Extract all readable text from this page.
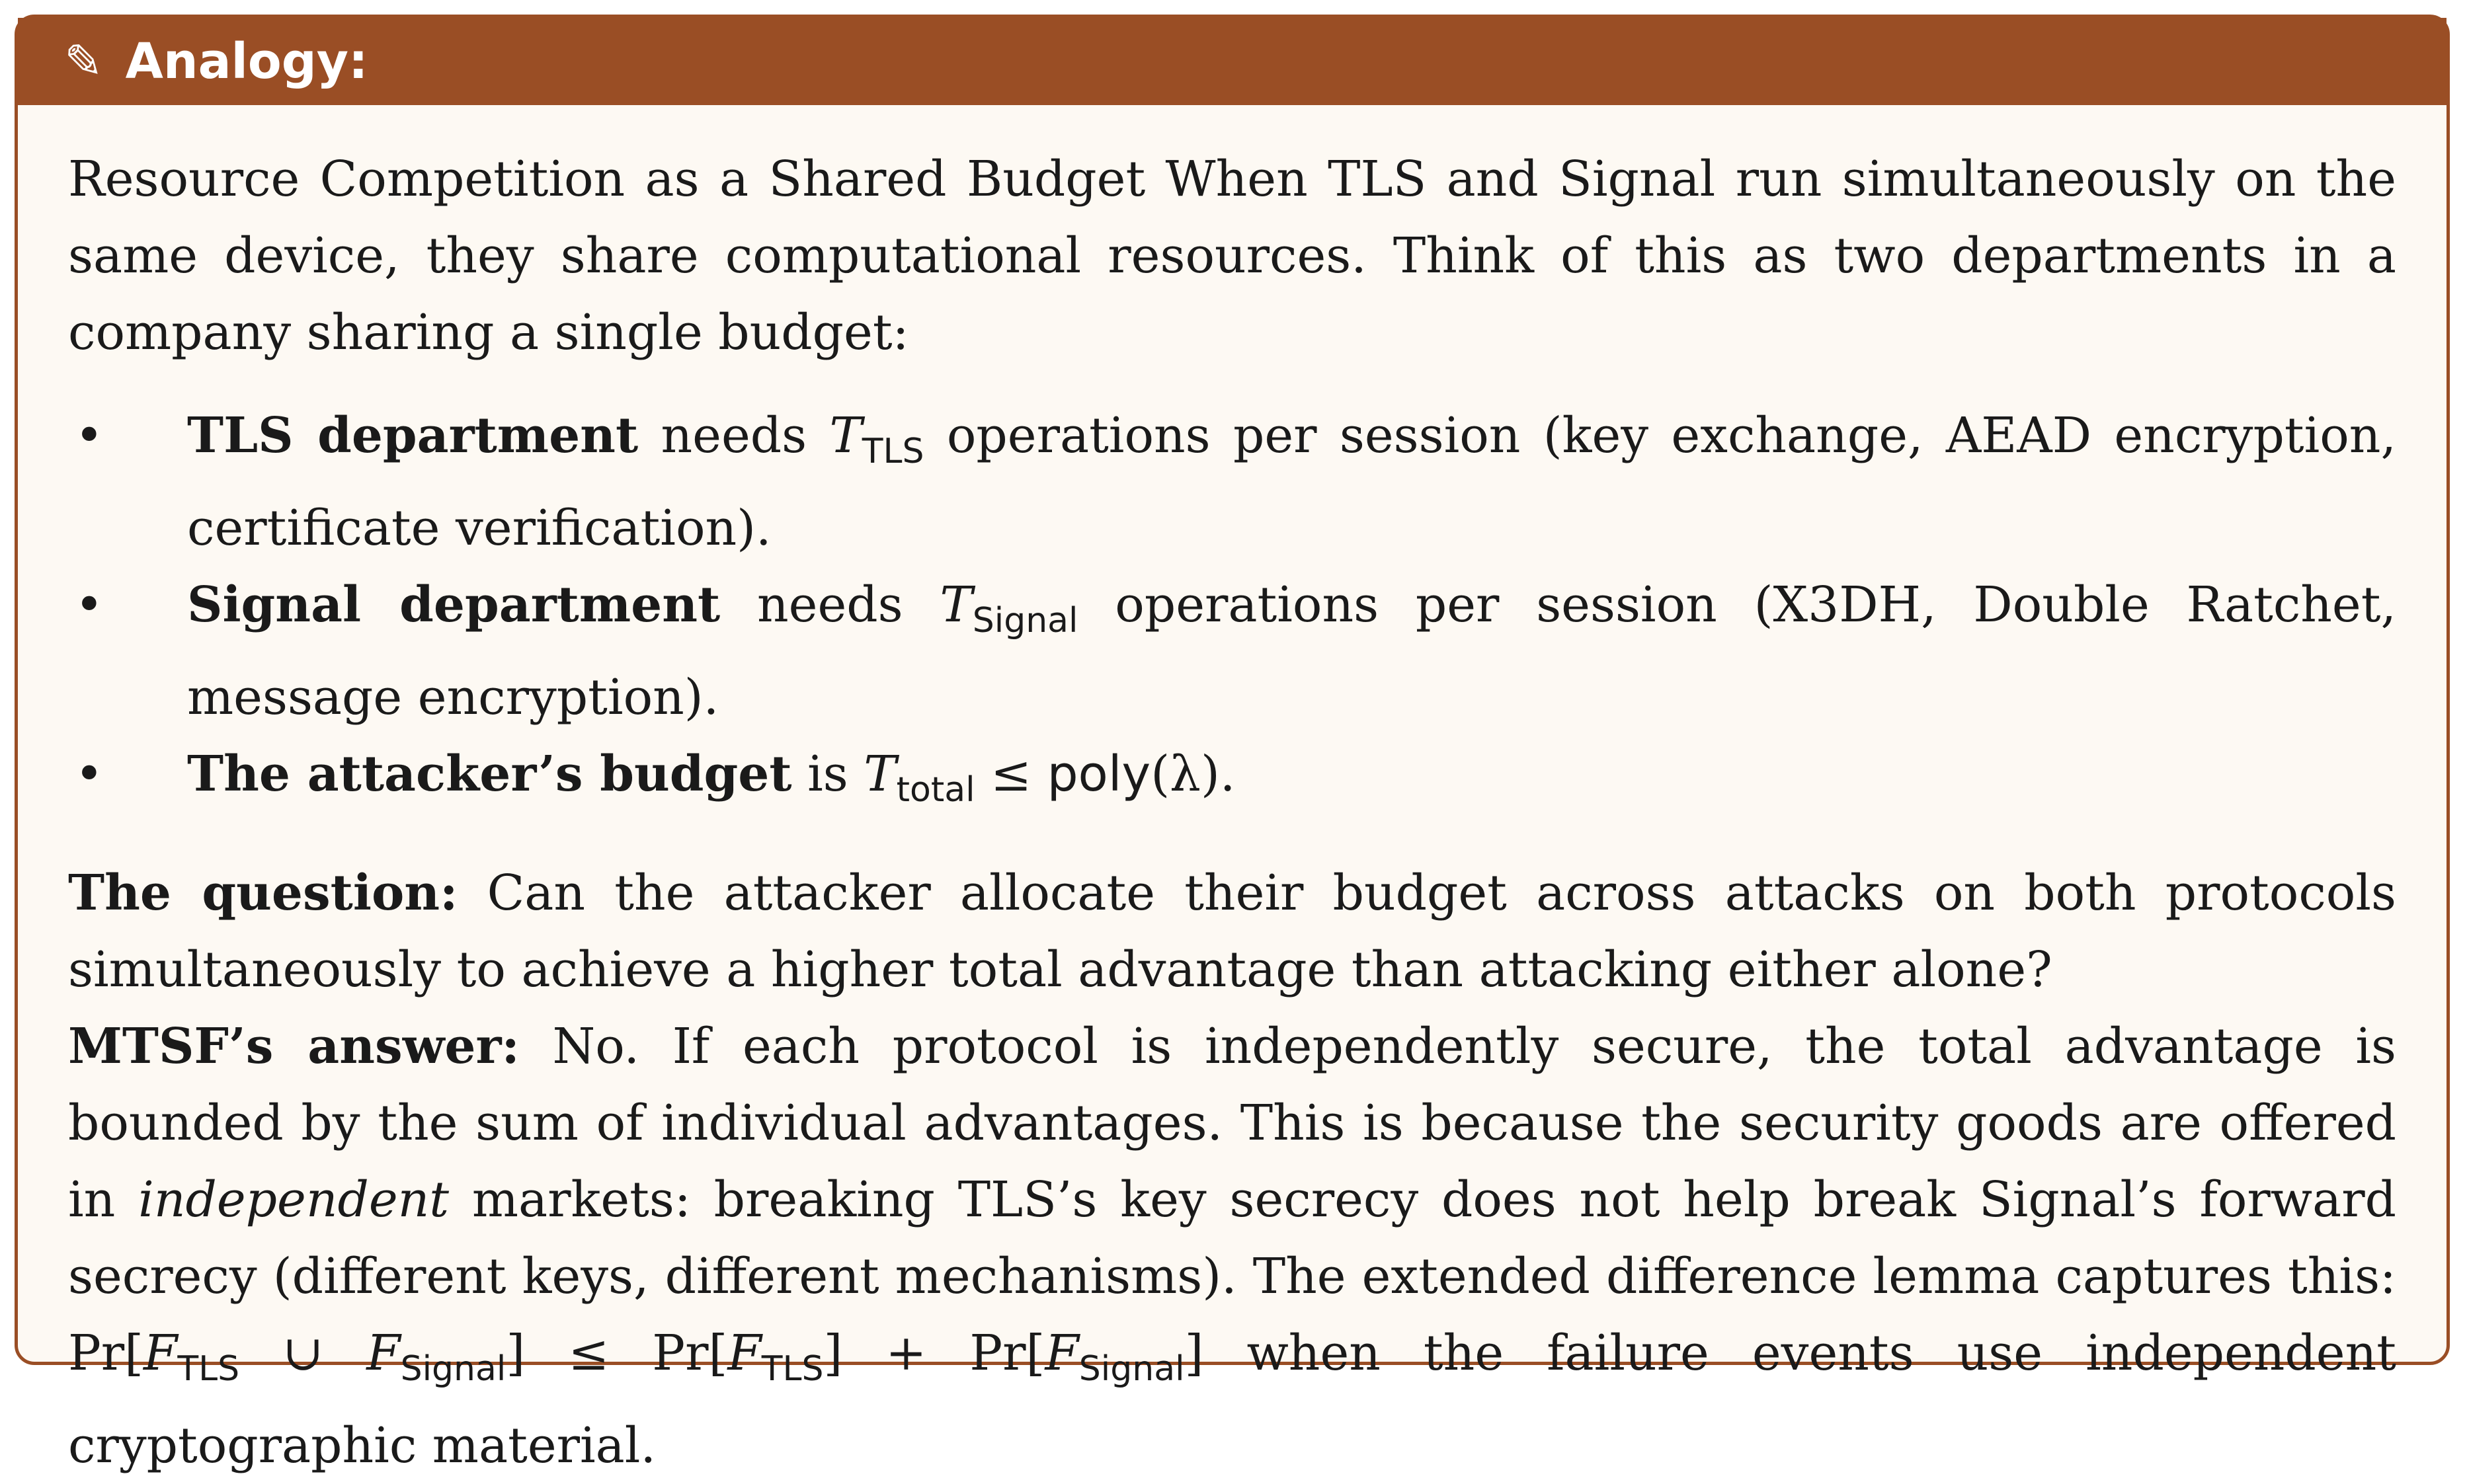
✎ Analogy:

Resource Competition as a Shared Budget When TLS and Signal run simultaneously on the same device, they share computational resources. Think of this as two departments in a company sharing a single budget:

• TLS department needs $T_{TLS}$ operations per session (key exchange, AEAD encryption, certificate verification).
• Signal department needs $T_{Signal}$ operations per session (X3DH, Double Ratchet, message encryption).
• The attacker’s budget is $T_{total}$ ≤ poly(λ).

The question: Can the attacker allocate their budget across attacks on both protocols simultaneously to achieve a higher total advantage than attacking either alone?

MTSF’s answer: No. If each protocol is independently secure, the total advantage is bounded by the sum of individual advantages. This is because the security goods are offered in independent markets: breaking TLS’s key secrecy does not help break Signal’s forward secrecy (different keys, different mechanisms). The extended difference lemma captures this: $Pr[F_{TLS}$ ∪ $F_{Signal}] \le Pr[F_{TLS}] + Pr[F_{Signal}]$ when the failure events use independent cryptographic material.
